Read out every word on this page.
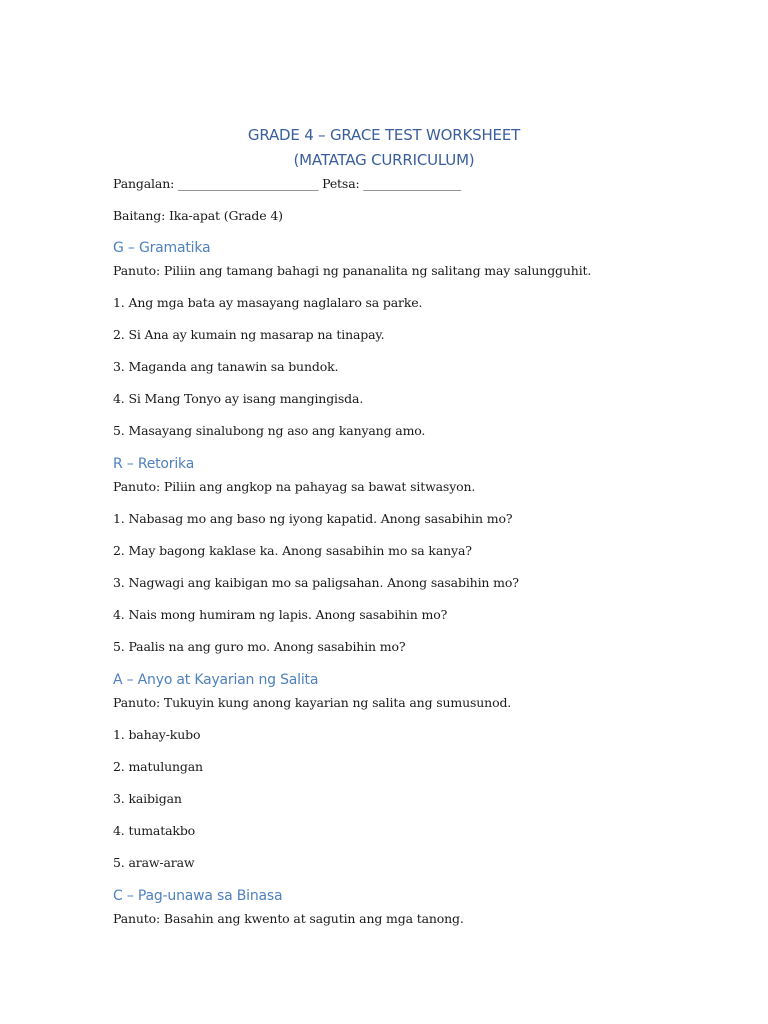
GRADE 4 – GRACE TEST WORKSHEET
(MATATAG CURRICULUM)
Pangalan: _______________________ Petsa: ________________
Baitang: Ika-apat (Grade 4)
G – Gramatika
Panuto: Piliin ang tamang bahagi ng pananalita ng salitang may salungguhit.
1. Ang mga bata ay masayang naglalaro sa parke.
2. Si Ana ay kumain ng masarap na tinapay.
3. Maganda ang tanawin sa bundok.
4. Si Mang Tonyo ay isang mangingisda.
5. Masayang sinalubong ng aso ang kanyang amo.
R – Retorika
Panuto: Piliin ang angkop na pahayag sa bawat sitwasyon.
1. Nabasag mo ang baso ng iyong kapatid. Anong sasabihin mo?
2. May bagong kaklase ka. Anong sasabihin mo sa kanya?
3. Nagwagi ang kaibigan mo sa paligsahan. Anong sasabihin mo?
4. Nais mong humiram ng lapis. Anong sasabihin mo?
5. Paalis na ang guro mo. Anong sasabihin mo?
A – Anyo at Kayarian ng Salita
Panuto: Tukuyin kung anong kayarian ng salita ang sumusunod.
1. bahay-kubo
2. matulungan
3. kaibigan
4. tumatakbo
5. araw-araw
C – Pag-unawa sa Binasa
Panuto: Basahin ang kwento at sagutin ang mga tanong.
